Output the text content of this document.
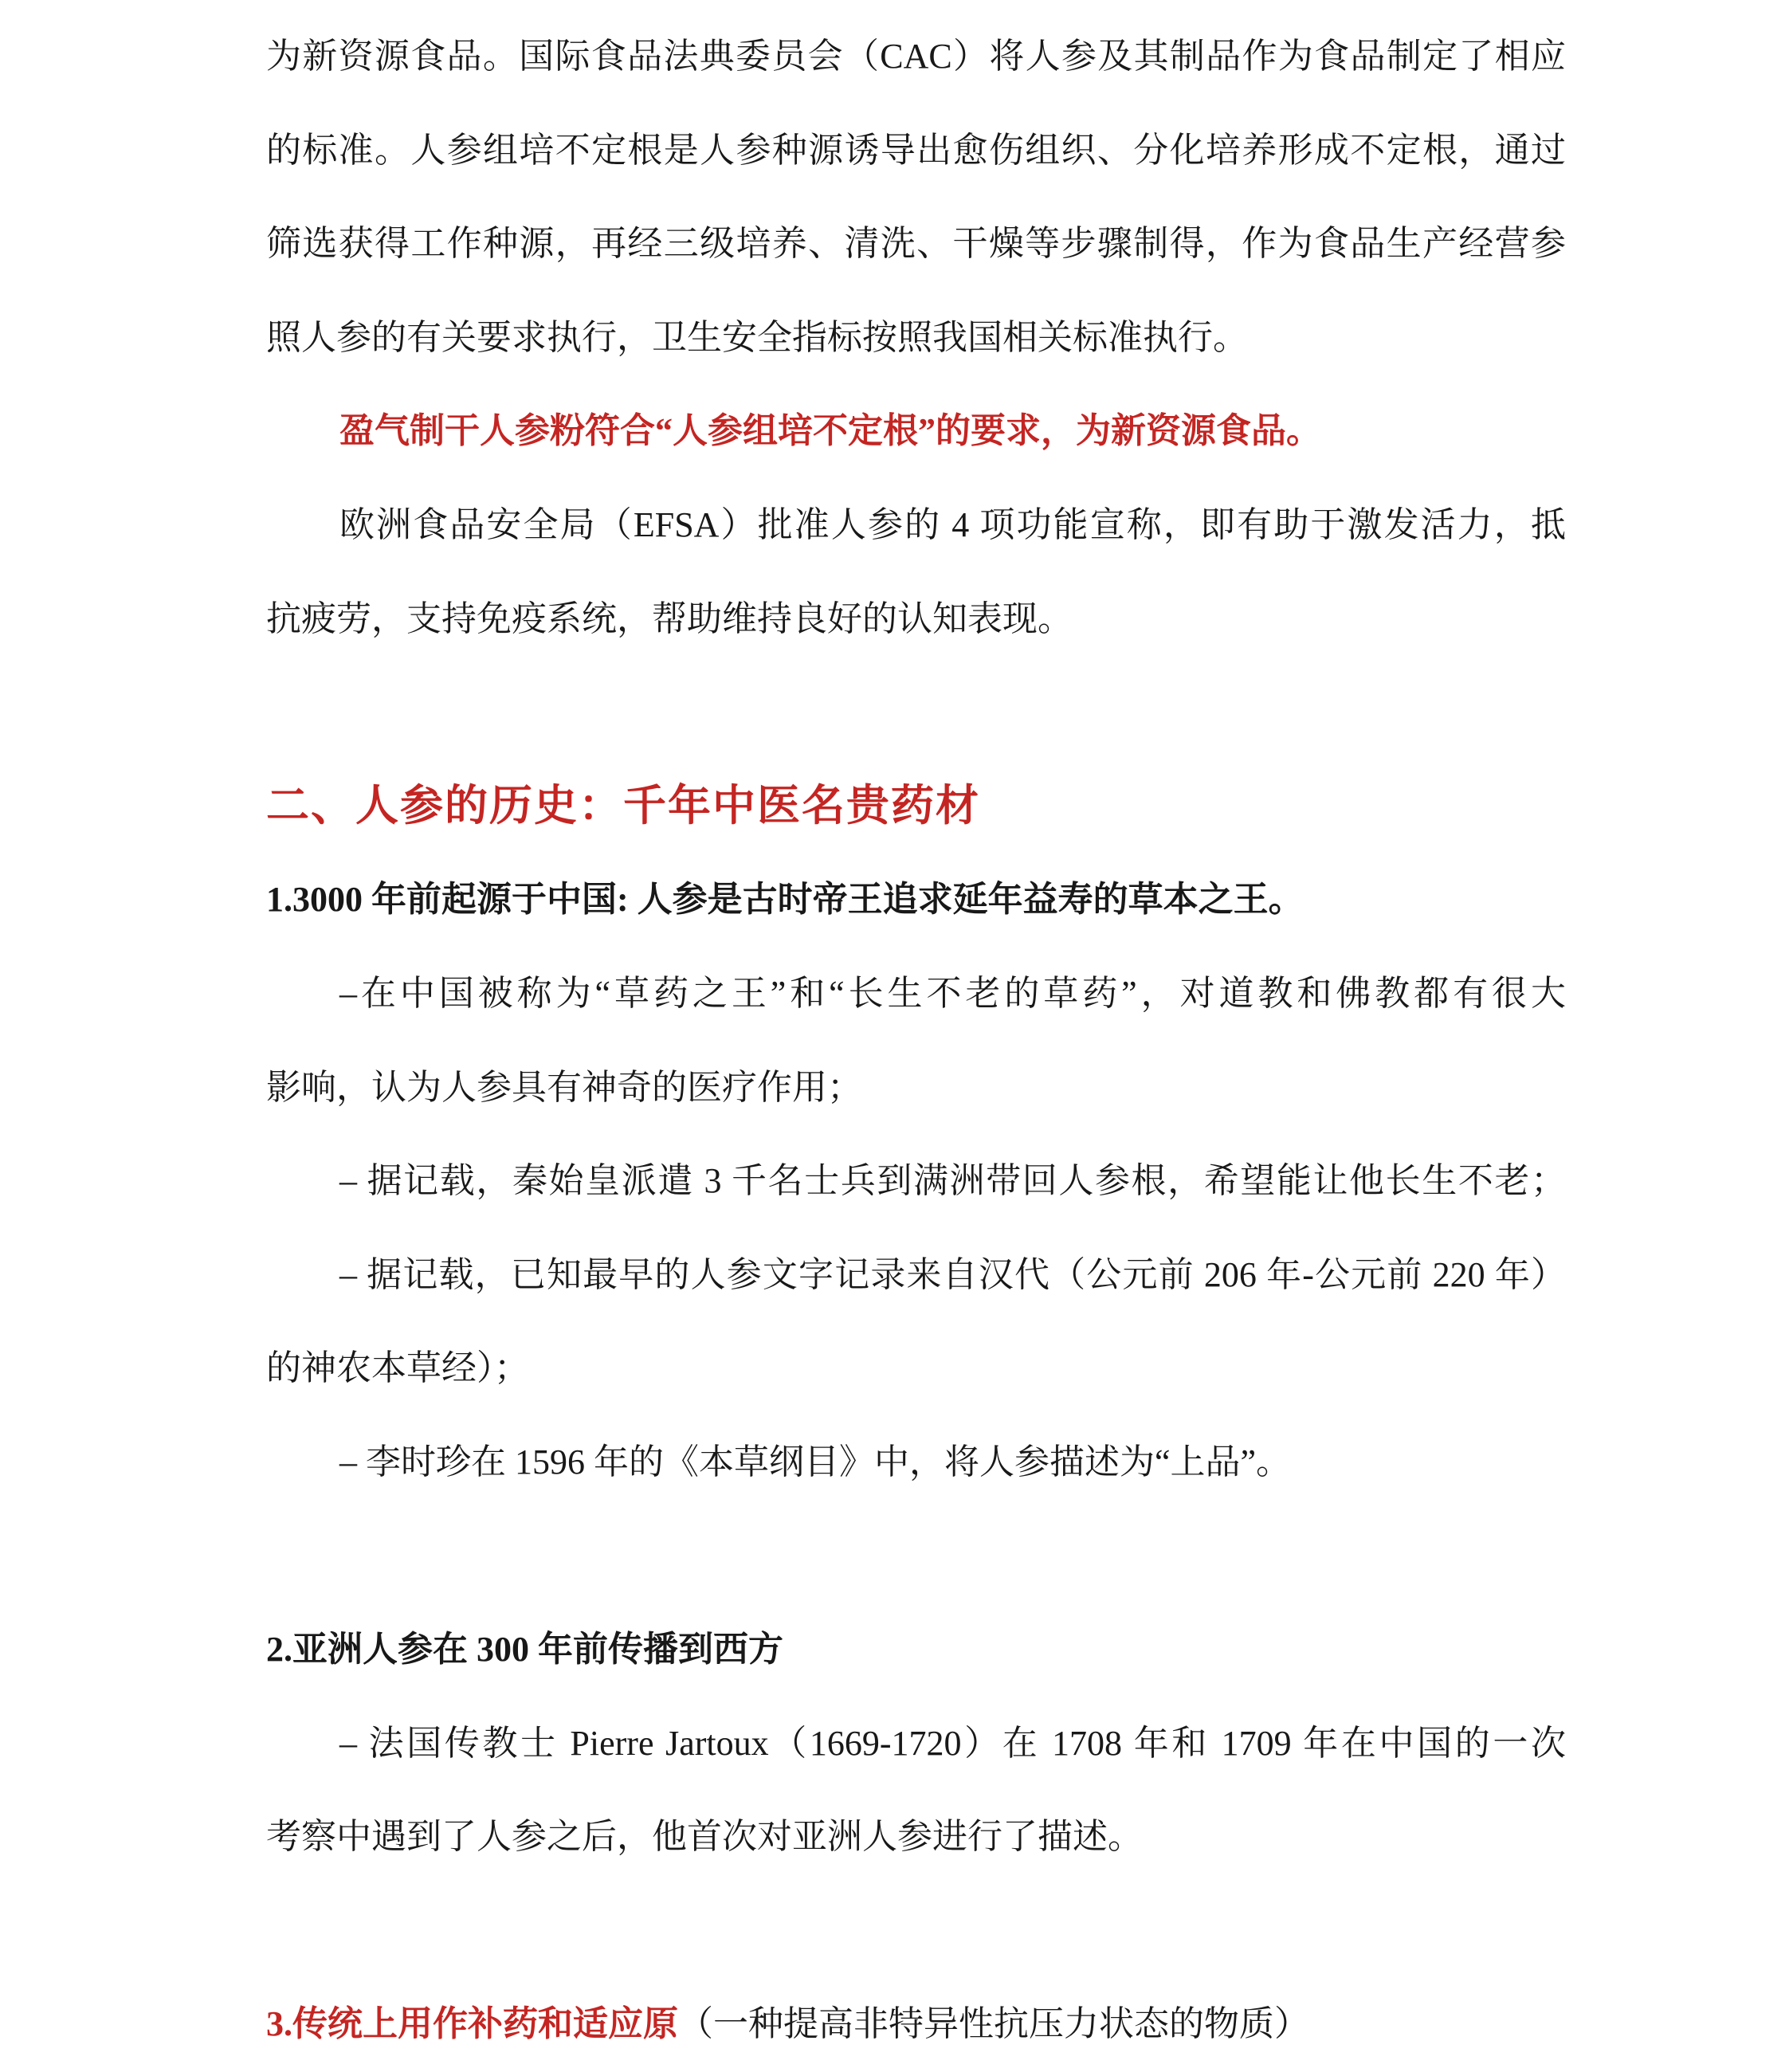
为新资源食品。国际食品法典委员会（CAC）将人参及其制品作为食品制定了相应
的标准。人参组培不定根是人参种源诱导出愈伤组织、分化培养形成不定根，通过
筛选获得工作种源，再经三级培养、清洗、干燥等步骤制得，作为食品生产经营参
照人参的有关要求执行，卫生安全指标按照我国相关标准执行。
盈气制干人参粉符合“人参组培不定根”的要求，为新资源食品。
欧洲食品安全局（EFSA）批准人参的 4 项功能宣称，即有助于激发活力，抵
抗疲劳，支持免疫系统，帮助维持良好的认知表现。
二、人参的历史：千年中医名贵药材
1.3000 年前起源于中国: 人参是古时帝王追求延年益寿的草本之王。
–在中国被称为“草药之王”和“长生不老的草药”，对道教和佛教都有很大
影响，认为人参具有神奇的医疗作用；
– 据记载，秦始皇派遣 3 千名士兵到满洲带回人参根，希望能让他长生不老；
– 据记载，已知最早的人参文字记录来自汉代（公元前 206 年-公元前 220 年）
的神农本草经）；
– 李时珍在 1596 年的《本草纲目》中，将人参描述为“上品”。
2.亚洲人参在 300 年前传播到西方
– 法国传教士 Pierre Jartoux（1669-1720）在 1708 年和 1709 年在中国的一次
考察中遇到了人参之后，他首次对亚洲人参进行了描述。
3.传统上用作补药和适应原（一种提高非特异性抗压力状态的物质）
